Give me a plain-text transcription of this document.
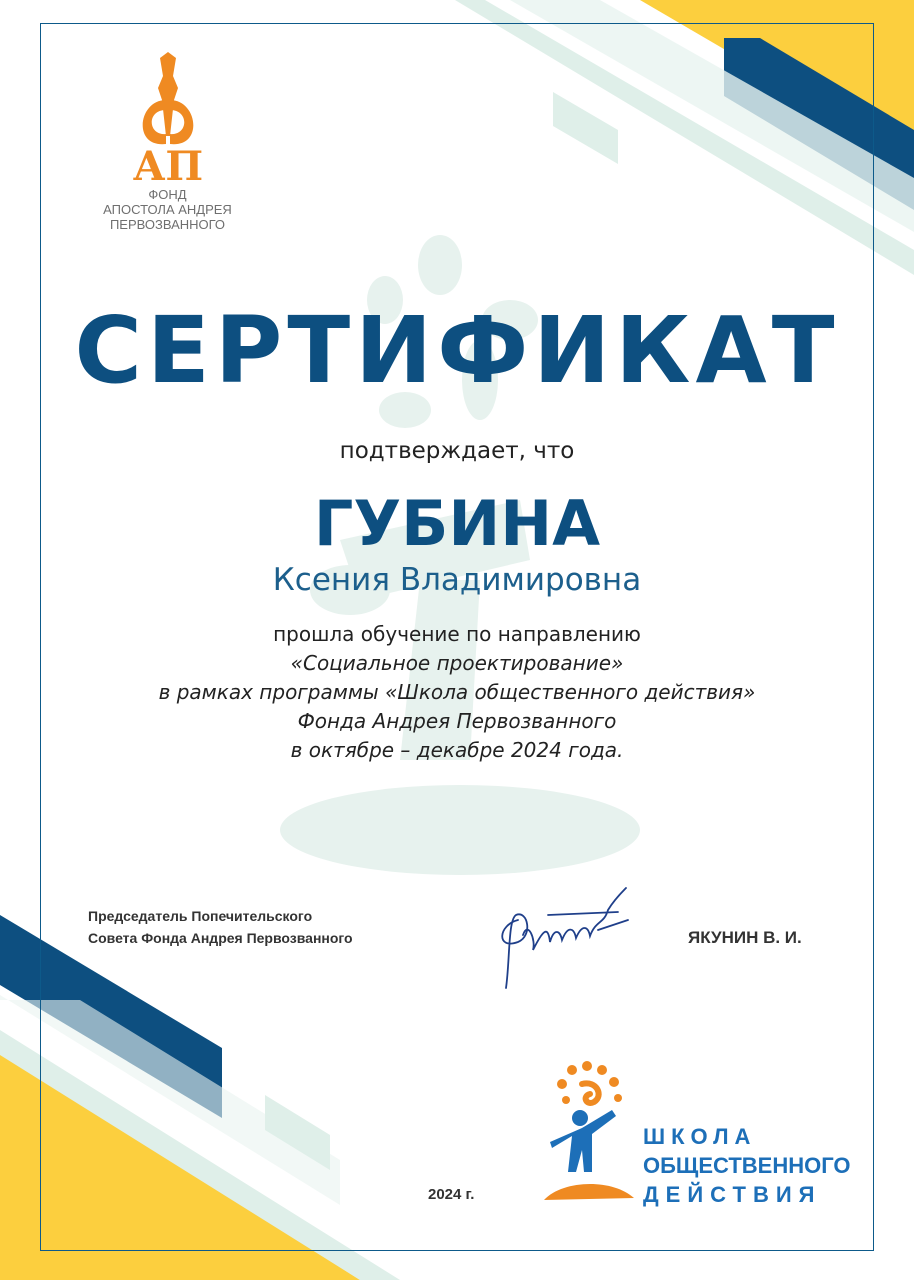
АП
ФОНД
АПОСТОЛА АНДРЕЯ
ПЕРВОЗВАННОГО
СЕРТИФИКАТ
подтверждает, что
ГУБИНА
Ксения Владимировна
прошла обучение по направлению
«Социальное проектирование»
в рамках программы «Школа общественного действия»
Фонда Андрея Первозванного
в октябре – декабре 2024 года.
Председатель Попечительского
Совета Фонда Андрея Первозванного	ЯКУНИН В. И.
2024 г.
ШКОЛА
ОБЩЕСТВЕННОГО
ДЕЙСТВИЯ
